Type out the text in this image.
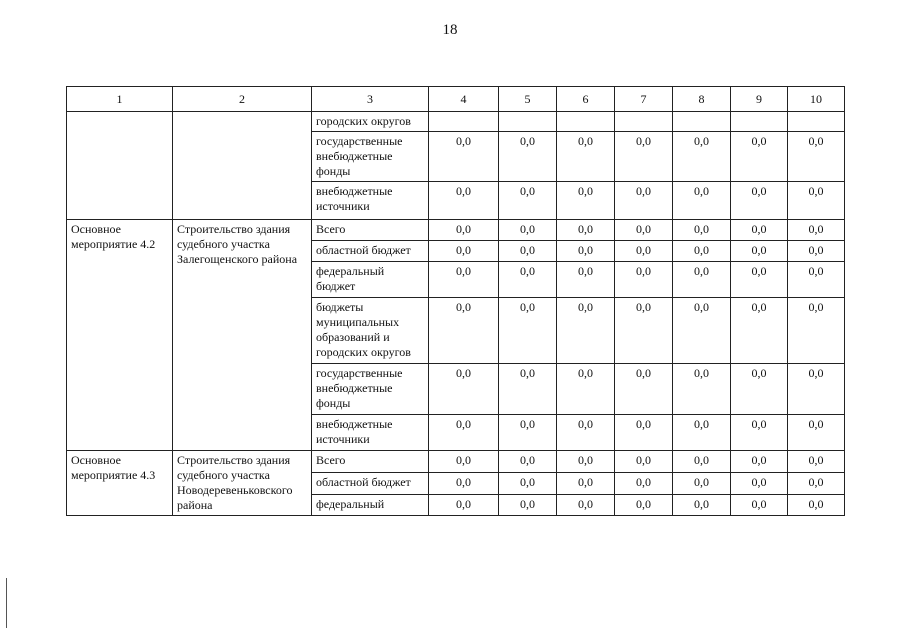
18
1	2	3	4	5	6	7	8	9	10
		городских округов							
		государственные внебюджетные фонды	0,0	0,0	0,0	0,0	0,0	0,0	0,0
		внебюджетные источники	0,0	0,0	0,0	0,0	0,0	0,0	0,0
Основное мероприятие 4.2	Строительство здания судебного участка Залегощенского района	Всего	0,0	0,0	0,0	0,0	0,0	0,0	0,0
		областной бюджет	0,0	0,0	0,0	0,0	0,0	0,0	0,0
		федеральный бюджет	0,0	0,0	0,0	0,0	0,0	0,0	0,0
		бюджеты муниципальных образований и городских округов	0,0	0,0	0,0	0,0	0,0	0,0	0,0
		государственные внебюджетные фонды	0,0	0,0	0,0	0,0	0,0	0,0	0,0
		внебюджетные источники	0,0	0,0	0,0	0,0	0,0	0,0	0,0
Основное мероприятие 4.3	Строительство здания судебного участка Новодеревеньковского района	Всего	0,0	0,0	0,0	0,0	0,0	0,0	0,0
		областной бюджет	0,0	0,0	0,0	0,0	0,0	0,0	0,0
		федеральный	0,0	0,0	0,0	0,0	0,0	0,0	0,0
